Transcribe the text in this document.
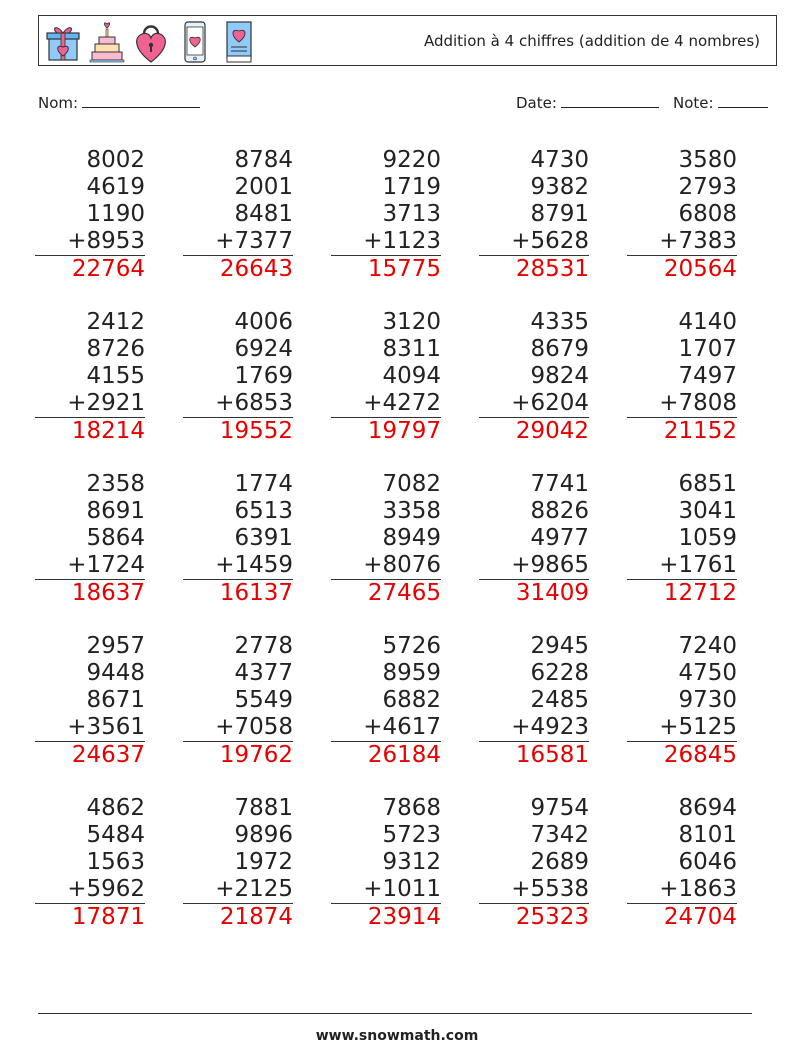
Addition à 4 chiffres (addition de 4 nombres)
Nom:	Date:	Note:
8002
4619
1190
+8953
22764
8784
2001
8481
+7377
26643
9220
1719
3713
+1123
15775
4730
9382
8791
+5628
28531
3580
2793
6808
+7383
20564
2412
8726
4155
+2921
18214
4006
6924
1769
+6853
19552
3120
8311
4094
+4272
19797
4335
8679
9824
+6204
29042
4140
1707
7497
+7808
21152
2358
8691
5864
+1724
18637
1774
6513
6391
+1459
16137
7082
3358
8949
+8076
27465
7741
8826
4977
+9865
31409
6851
3041
1059
+1761
12712
2957
9448
8671
+3561
24637
2778
4377
5549
+7058
19762
5726
8959
6882
+4617
26184
2945
6228
2485
+4923
16581
7240
4750
9730
+5125
26845
4862
5484
1563
+5962
17871
7881
9896
1972
+2125
21874
7868
5723
9312
+1011
23914
9754
7342
2689
+5538
25323
8694
8101
6046
+1863
24704
www.snowmath.com
